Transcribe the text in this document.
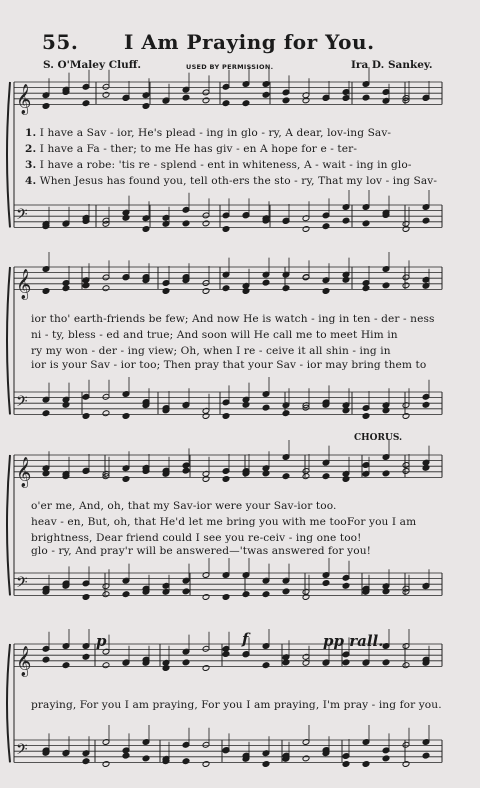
55. I Am Praying for You.
S. O'Maley Cluff.	USED BY PERMISSION.	Ira D. Sankey.
𝄞
𝄢
𝄞
𝄢
𝄞
𝄢
𝄞
𝄢
1. I have a Sav - ior, He's plead - ing in glo - ry, A dear, lov-ing Sav-
2. I have a Fa - ther; to me He has giv - en A hope for e - ter-
3. I have a robe: 'tis re - splend - ent in whiteness, A - wait - ing in glo-
4. When Jesus has found you, tell oth-ers the sto - ry, That my lov - ing Sav-
ior tho' earth-friends be few; And now He is watch - ing in ten - der - ness
ni - ty, bless - ed and true; And soon will He call me to meet Him in
ry my won - der - ing view; Oh, when I re - ceive it all shin - ing in
ior is your Sav - ior too; Then pray that your Sav - ior may bring them to
CHORUS.
o'er me, And, oh, that my Sav-ior were your Sav-ior too.
heav - en, But, oh, that He'd let me bring you with me too!
brightness, Dear friend could I see you re-ceiv - ing one too!
glo - ry, And pray'r will be answered—'twas answered for you!
For you I am
p	f	pp rall.
praying, For you I am praying, For you I am praying, I'm pray - ing for you.
